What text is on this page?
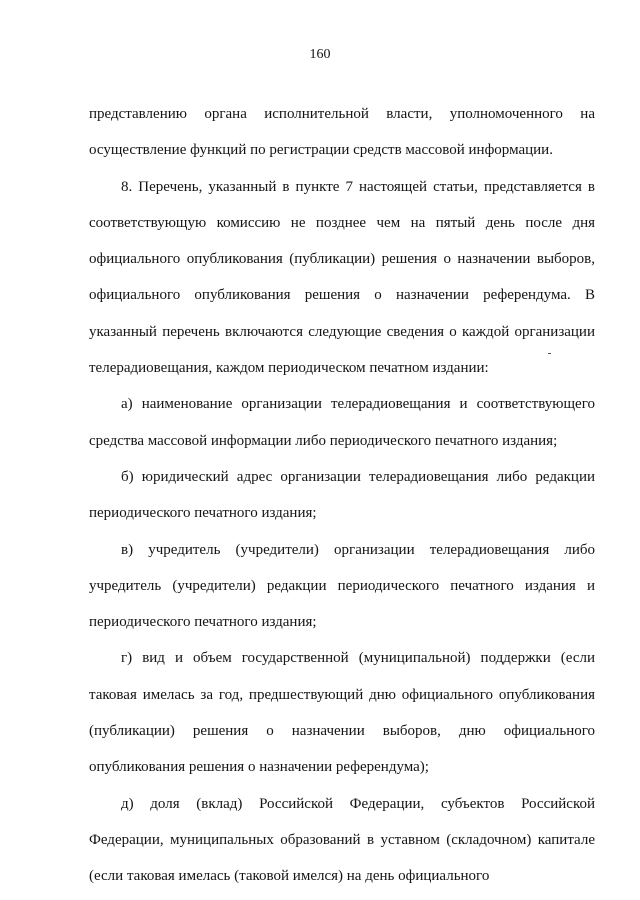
160

представлению органа исполнительной власти, уполномоченного на осуществление функций по регистрации средств массовой информации.

8. Перечень, указанный в пункте 7 настоящей статьи, представляется в соответствующую комиссию не позднее чем на пятый день после дня официального опубликования (публикации) решения о назначении выборов, официального опубликования решения о назначении референдума. В указанный перечень включаются следующие сведения о каждой организации телерадиовещания, каждом периодическом печатном издании:

а) наименование организации телерадиовещания и соответствующего средства массовой информации либо периодического печатного издания;

б) юридический адрес организации телерадиовещания либо редакции периодического печатного издания;

в) учредитель (учредители) организации телерадиовещания либо учредитель (учредители) редакции периодического печатного издания и периодического печатного издания;

г) вид и объем государственной (муниципальной) поддержки (если таковая имелась за год, предшествующий дню официального опубликования (публикации) решения о назначении выборов, дню официального опубликования решения о назначении референдума);

д) доля (вклад) Российской Федерации, субъектов Российской Федерации, муниципальных образований в уставном (складочном) капитале (если таковая имелась (таковой имелся) на день официального
